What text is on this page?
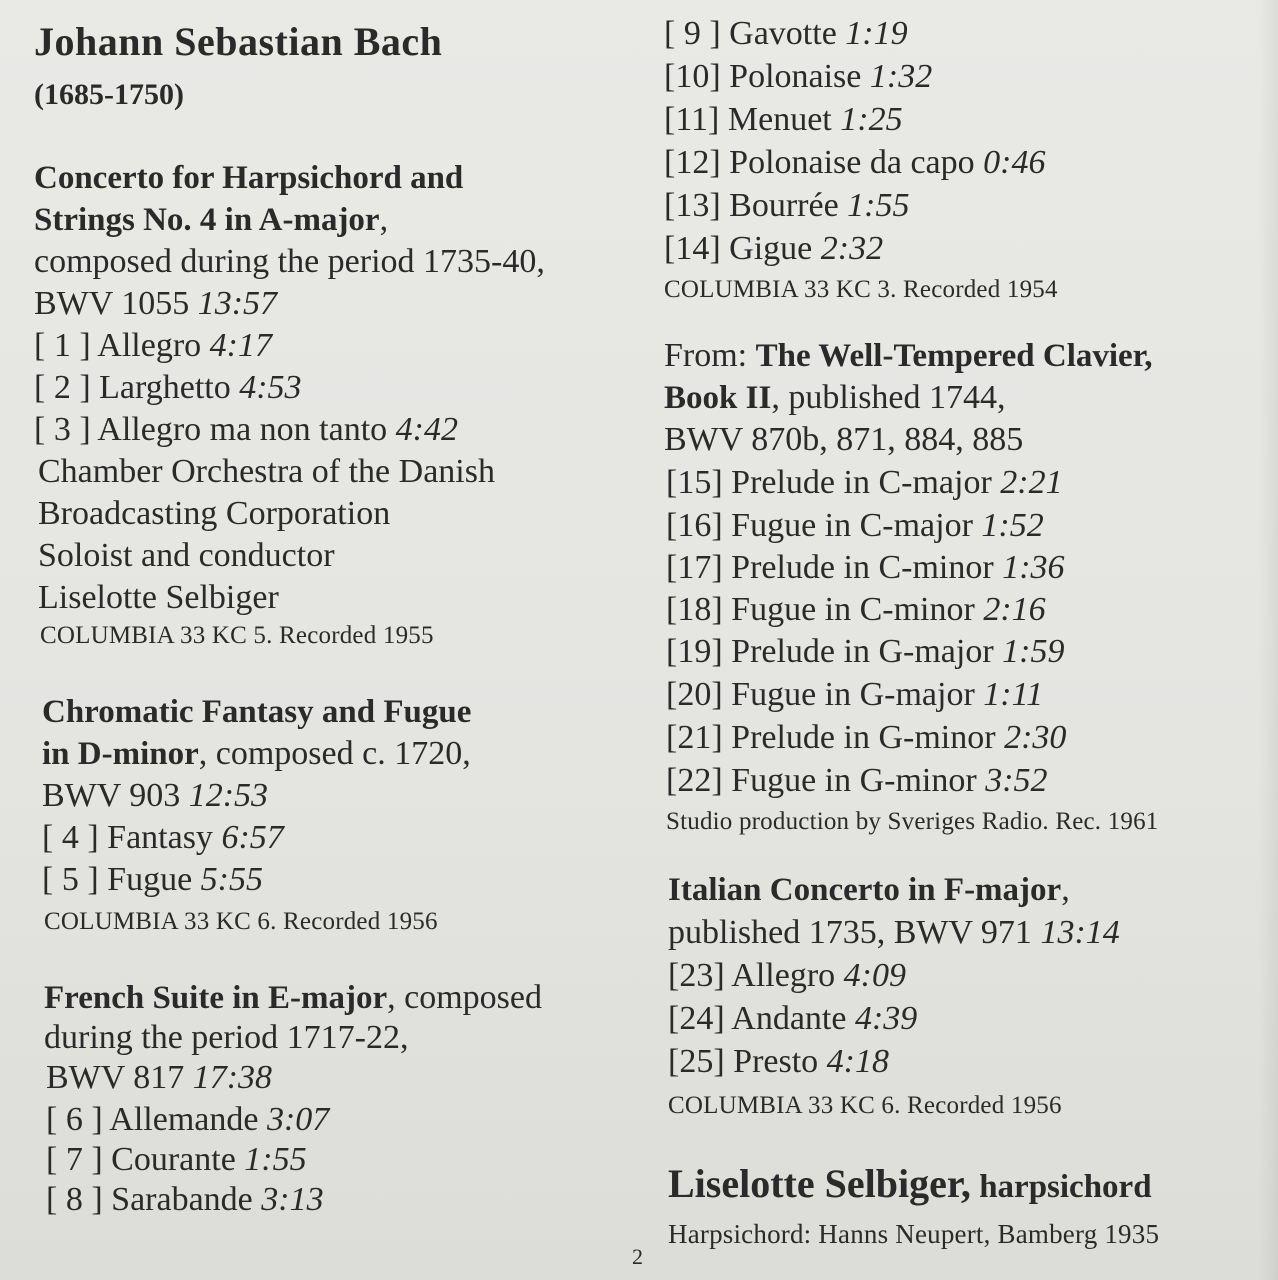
Johann Sebastian Bach
(1685-1750)
Concerto for Harpsichord and
Strings No. 4 in A-major,
composed during the period 1735-40,
BWV 1055 13:57
[ 1 ] Allegro 4:17
[ 2 ] Larghetto 4:53
[ 3 ] Allegro ma non tanto 4:42
Chamber Orchestra of the Danish
Broadcasting Corporation
Soloist and conductor
Liselotte Selbiger
COLUMBIA 33 KC 5. Recorded 1955
Chromatic Fantasy and Fugue
in D-minor, composed c. 1720,
BWV 903 12:53
[ 4 ] Fantasy 6:57
[ 5 ] Fugue 5:55
COLUMBIA 33 KC 6. Recorded 1956
French Suite in E-major, composed
during the period 1717-22,
BWV 817 17:38
[ 6 ] Allemande 3:07
[ 7 ] Courante 1:55
[ 8 ] Sarabande 3:13
[ 9 ] Gavotte 1:19
[10] Polonaise 1:32
[11] Menuet 1:25
[12] Polonaise da capo 0:46
[13] Bourrée 1:55
[14] Gigue 2:32
COLUMBIA 33 KC 3. Recorded 1954
From: The Well-Tempered Clavier,
Book II, published 1744,
BWV 870b, 871, 884, 885
[15] Prelude in C-major 2:21
[16] Fugue in C-major 1:52
[17] Prelude in C-minor 1:36
[18] Fugue in C-minor 2:16
[19] Prelude in G-major 1:59
[20] Fugue in G-major 1:11
[21] Prelude in G-minor 2:30
[22] Fugue in G-minor 3:52
Studio production by Sveriges Radio. Rec. 1961
Italian Concerto in F-major,
published 1735, BWV 971 13:14
[23] Allegro 4:09
[24] Andante 4:39
[25] Presto 4:18
COLUMBIA 33 KC 6. Recorded 1956
Liselotte Selbiger, harpsichord
Harpsichord: Hanns Neupert, Bamberg 1935
2
